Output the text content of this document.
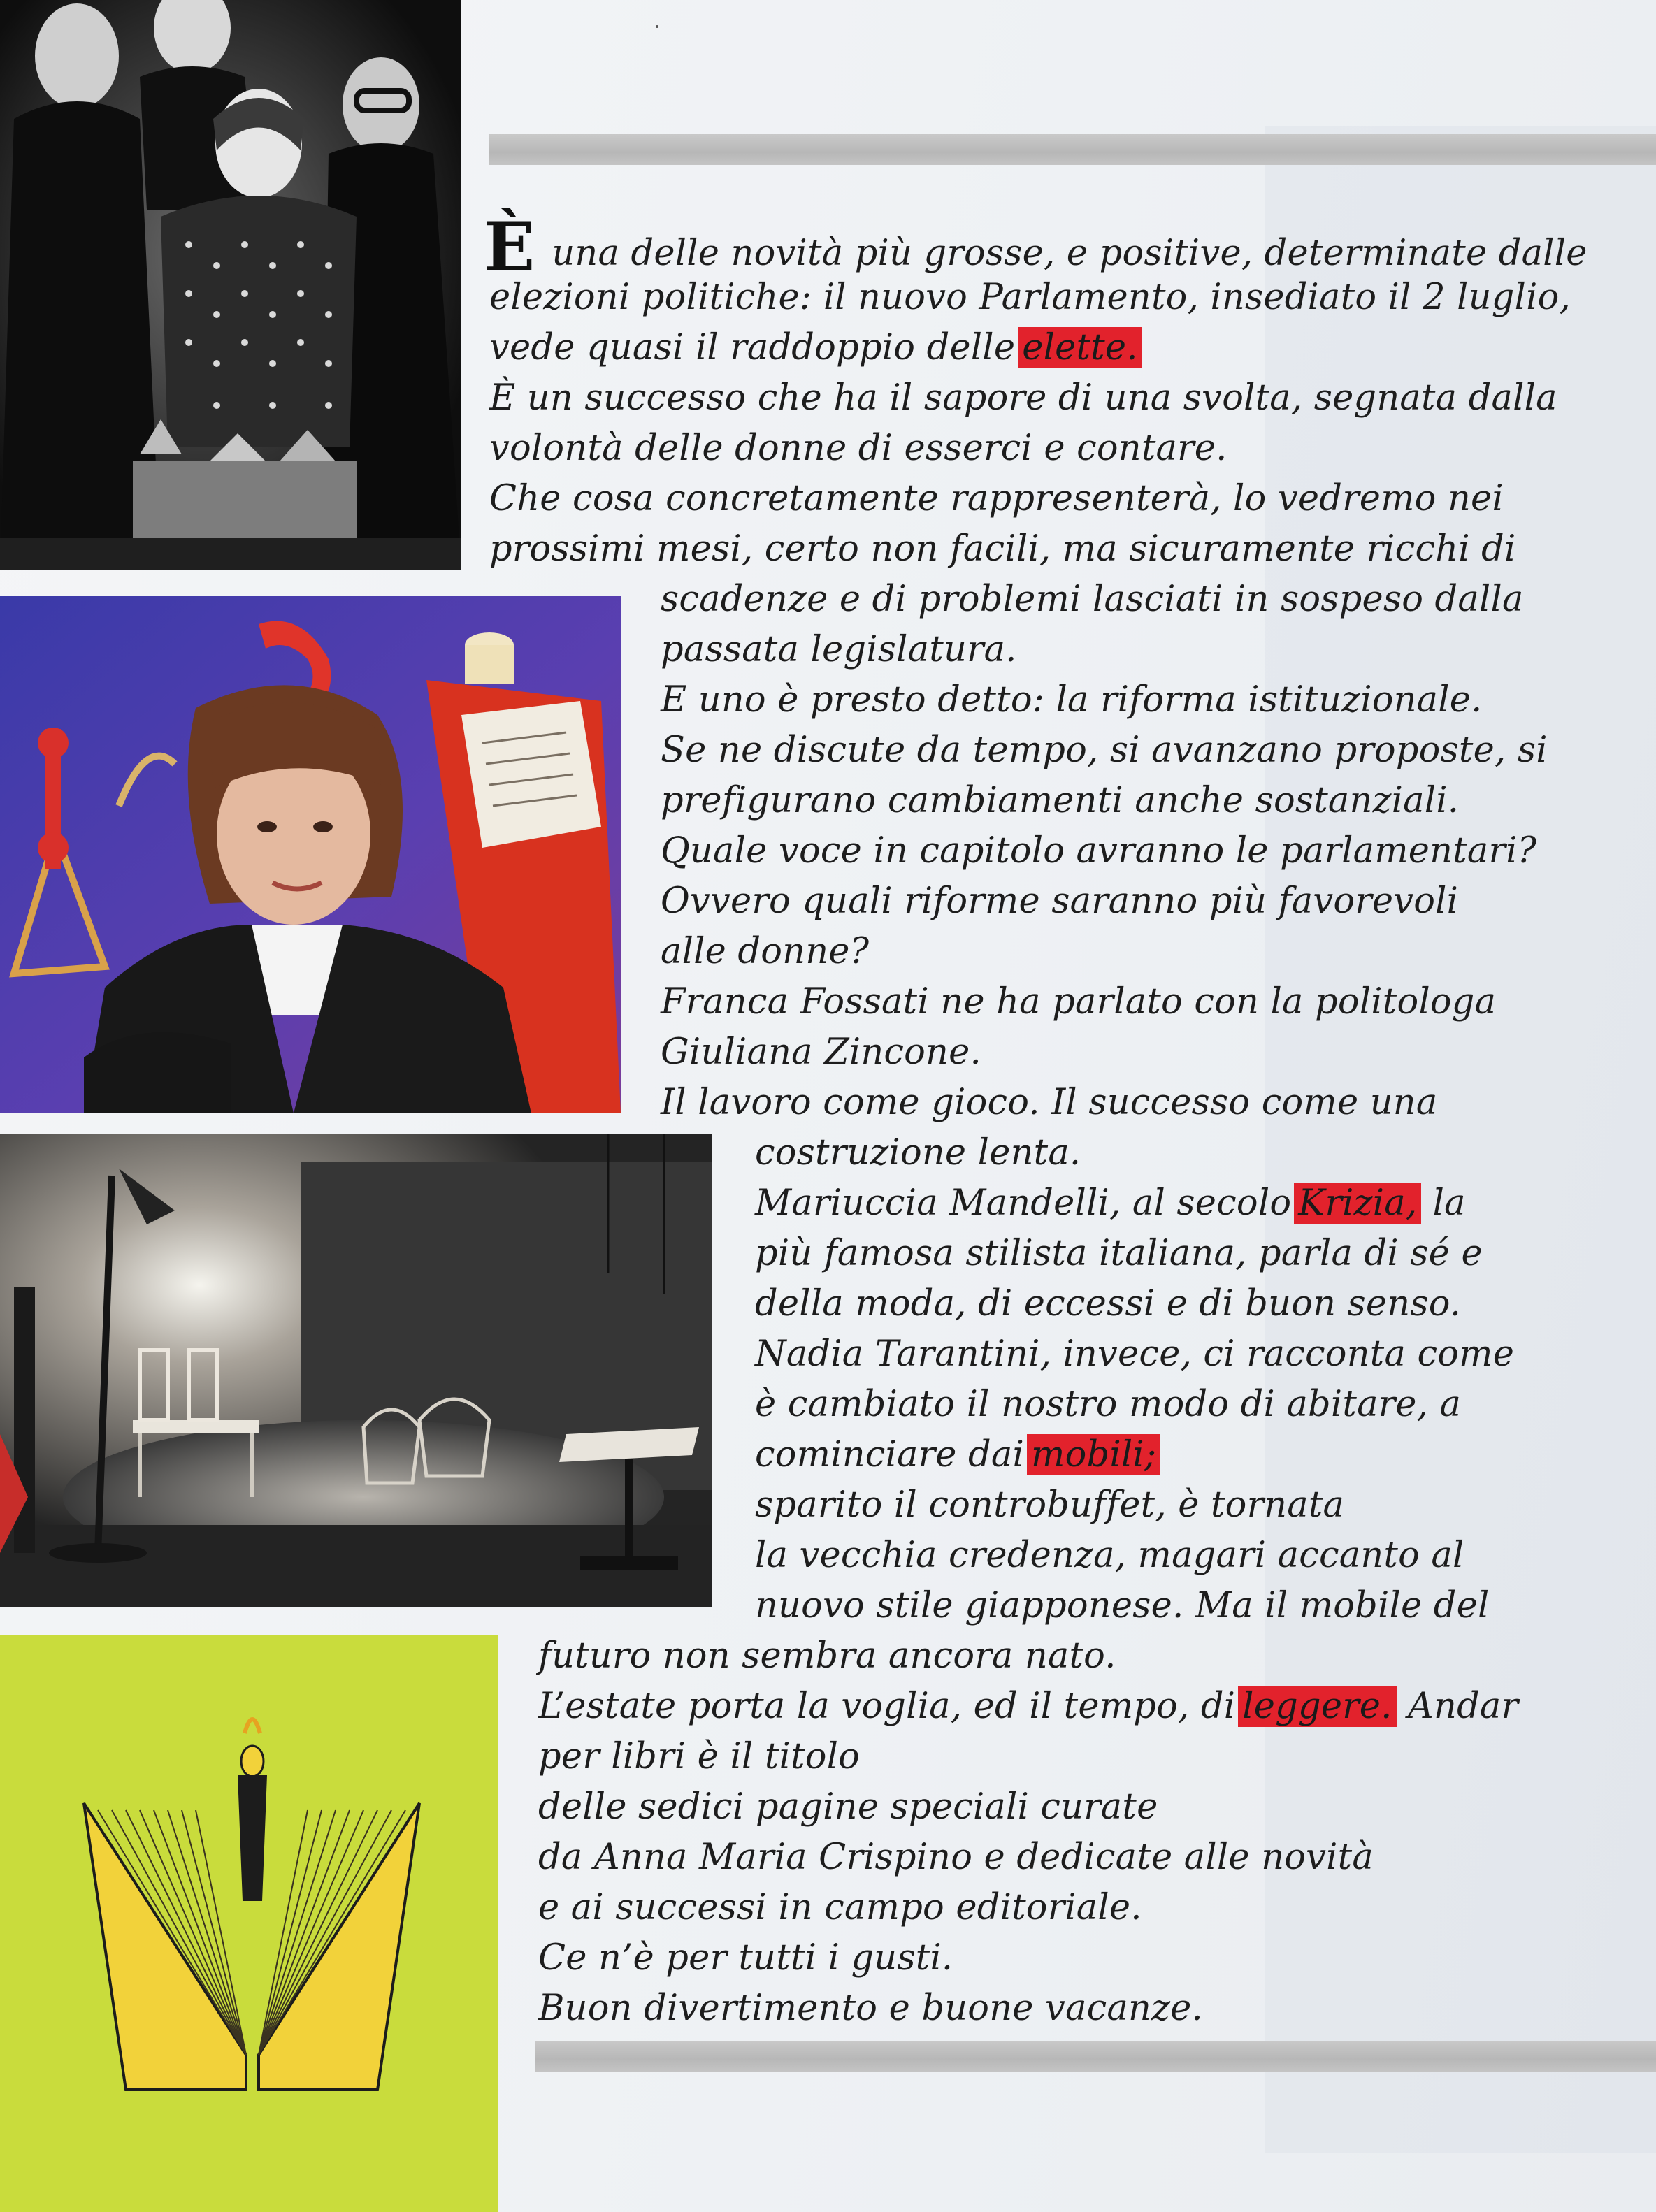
Èuna delle novità più grosse, e positive, determinate dalle
elezioni politiche: il nuovo Parlamento, insediato il 2 luglio,
vede quasi il raddoppio delle elette.
È un successo che ha il sapore di una svolta, segnata dalla
volontà delle donne di esserci e contare.
Che cosa concretamente rappresenterà, lo vedremo nei
prossimi mesi, certo non facili, ma sicuramente ricchi di
scadenze e di problemi lasciati in sospeso dalla
passata legislatura.
E uno è presto detto: la riforma istituzionale.
Se ne discute da tempo, si avanzano proposte, si
prefigurano cambiamenti anche sostanziali.
Quale voce in capitolo avranno le parlamentari?
Ovvero quali riforme saranno più favorevoli
alle donne?
Franca Fossati ne ha parlato con la politologa
Giuliana Zincone.
Il lavoro come gioco. Il successo come una
costruzione lenta.
Mariuccia Mandelli, al secolo Krizia, la
più famosa stilista italiana, parla di sé e
della moda, di eccessi e di buon senso.
Nadia Tarantini, invece, ci racconta come
è cambiato il nostro modo di abitare, a
cominciare dai mobili;
sparito il controbuffet, è tornata
la vecchia credenza, magari accanto al
nuovo stile giapponese. Ma il mobile del
futuro non sembra ancora nato.
L’estate porta la voglia, ed il tempo, di leggere. Andar
per libri è il titolo
delle sedici pagine speciali curate
da Anna Maria Crispino e dedicate alle novità
e ai successi in campo editoriale.
Ce n’è per tutti i gusti.
Buon divertimento e buone vacanze.
